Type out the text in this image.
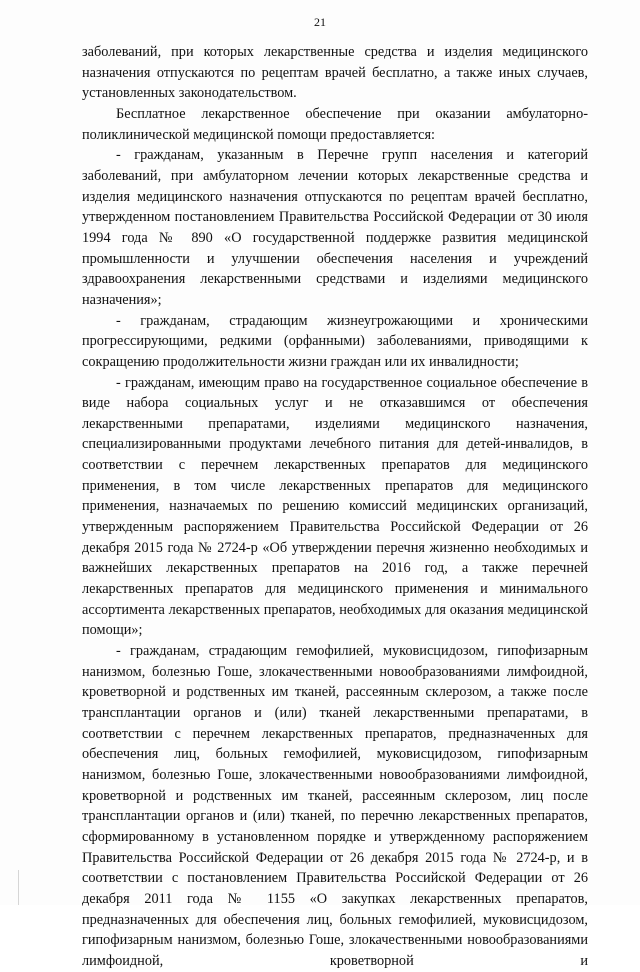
21

заболеваний, при которых лекарственные средства и изделия медицинского назначения отпускаются по рецептам врачей бесплатно, а также иных случаев, установленных законодательством.

Бесплатное лекарственное обеспечение при оказании амбулаторно-поликлинической медицинской помощи предоставляется:

- гражданам, указанным в Перечне групп населения и категорий заболеваний, при амбулаторном лечении которых лекарственные средства и изделия медицинского назначения отпускаются по рецептам врачей бесплатно, утвержденном постановлением Правительства Российской Федерации от 30 июля 1994 года № 890 «О государственной поддержке развития медицинской промышленности и улучшении обеспечения населения и учреждений здравоохранения лекарственными средствами и изделиями медицинского назначения»;

- гражданам, страдающим жизнеугрожающими и хроническими прогрессирующими, редкими (орфанными) заболеваниями, приводящими к сокращению продолжительности жизни граждан или их инвалидности;

- гражданам, имеющим право на государственное социальное обеспечение в виде набора социальных услуг и не отказавшимся от обеспечения лекарственными препаратами, изделиями медицинского назначения, специализированными продуктами лечебного питания для детей-инвалидов, в соответствии с перечнем лекарственных препаратов для медицинского применения, в том числе лекарственных препаратов для медицинского применения, назначаемых по решению комиссий медицинских организаций, утвержденным распоряжением Правительства Российской Федерации от 26 декабря 2015 года № 2724-р «Об утверждении перечня жизненно необходимых и важнейших лекарственных препаратов на 2016 год, а также перечней лекарственных препаратов для медицинского применения и минимального ассортимента лекарственных препаратов, необходимых для оказания медицинской помощи»;

- гражданам, страдающим гемофилией, муковисцидозом, гипофизарным нанизмом, болезнью Гоше, злокачественными новообразованиями лимфоидной, кроветворной и родственных им тканей, рассеянным склерозом, а также после трансплантации органов и (или) тканей лекарственными препаратами, в соответствии с перечнем лекарственных препаратов, предназначенных для обеспечения лиц, больных гемофилией, муковисцидозом, гипофизарным нанизмом, болезнью Гоше, злокачественными новообразованиями лимфоидной, кроветворной и родственных им тканей, рассеянным склерозом, лиц после трансплантации органов и (или) тканей, по перечню лекарственных препаратов, сформированному в установленном порядке и утвержденному распоряжением Правительства Российской Федерации от 26 декабря 2015 года № 2724-р, и в соответствии с постановлением Правительства Российской Федерации от 26 декабря 2011 года № 1155 «О закупках лекарственных препаратов, предназначенных для обеспечения лиц, больных гемофилией, муковисцидозом, гипофизарным нанизмом, болезнью Гоше, злокачественными новообразованиями лимфоидной, кроветворной и
